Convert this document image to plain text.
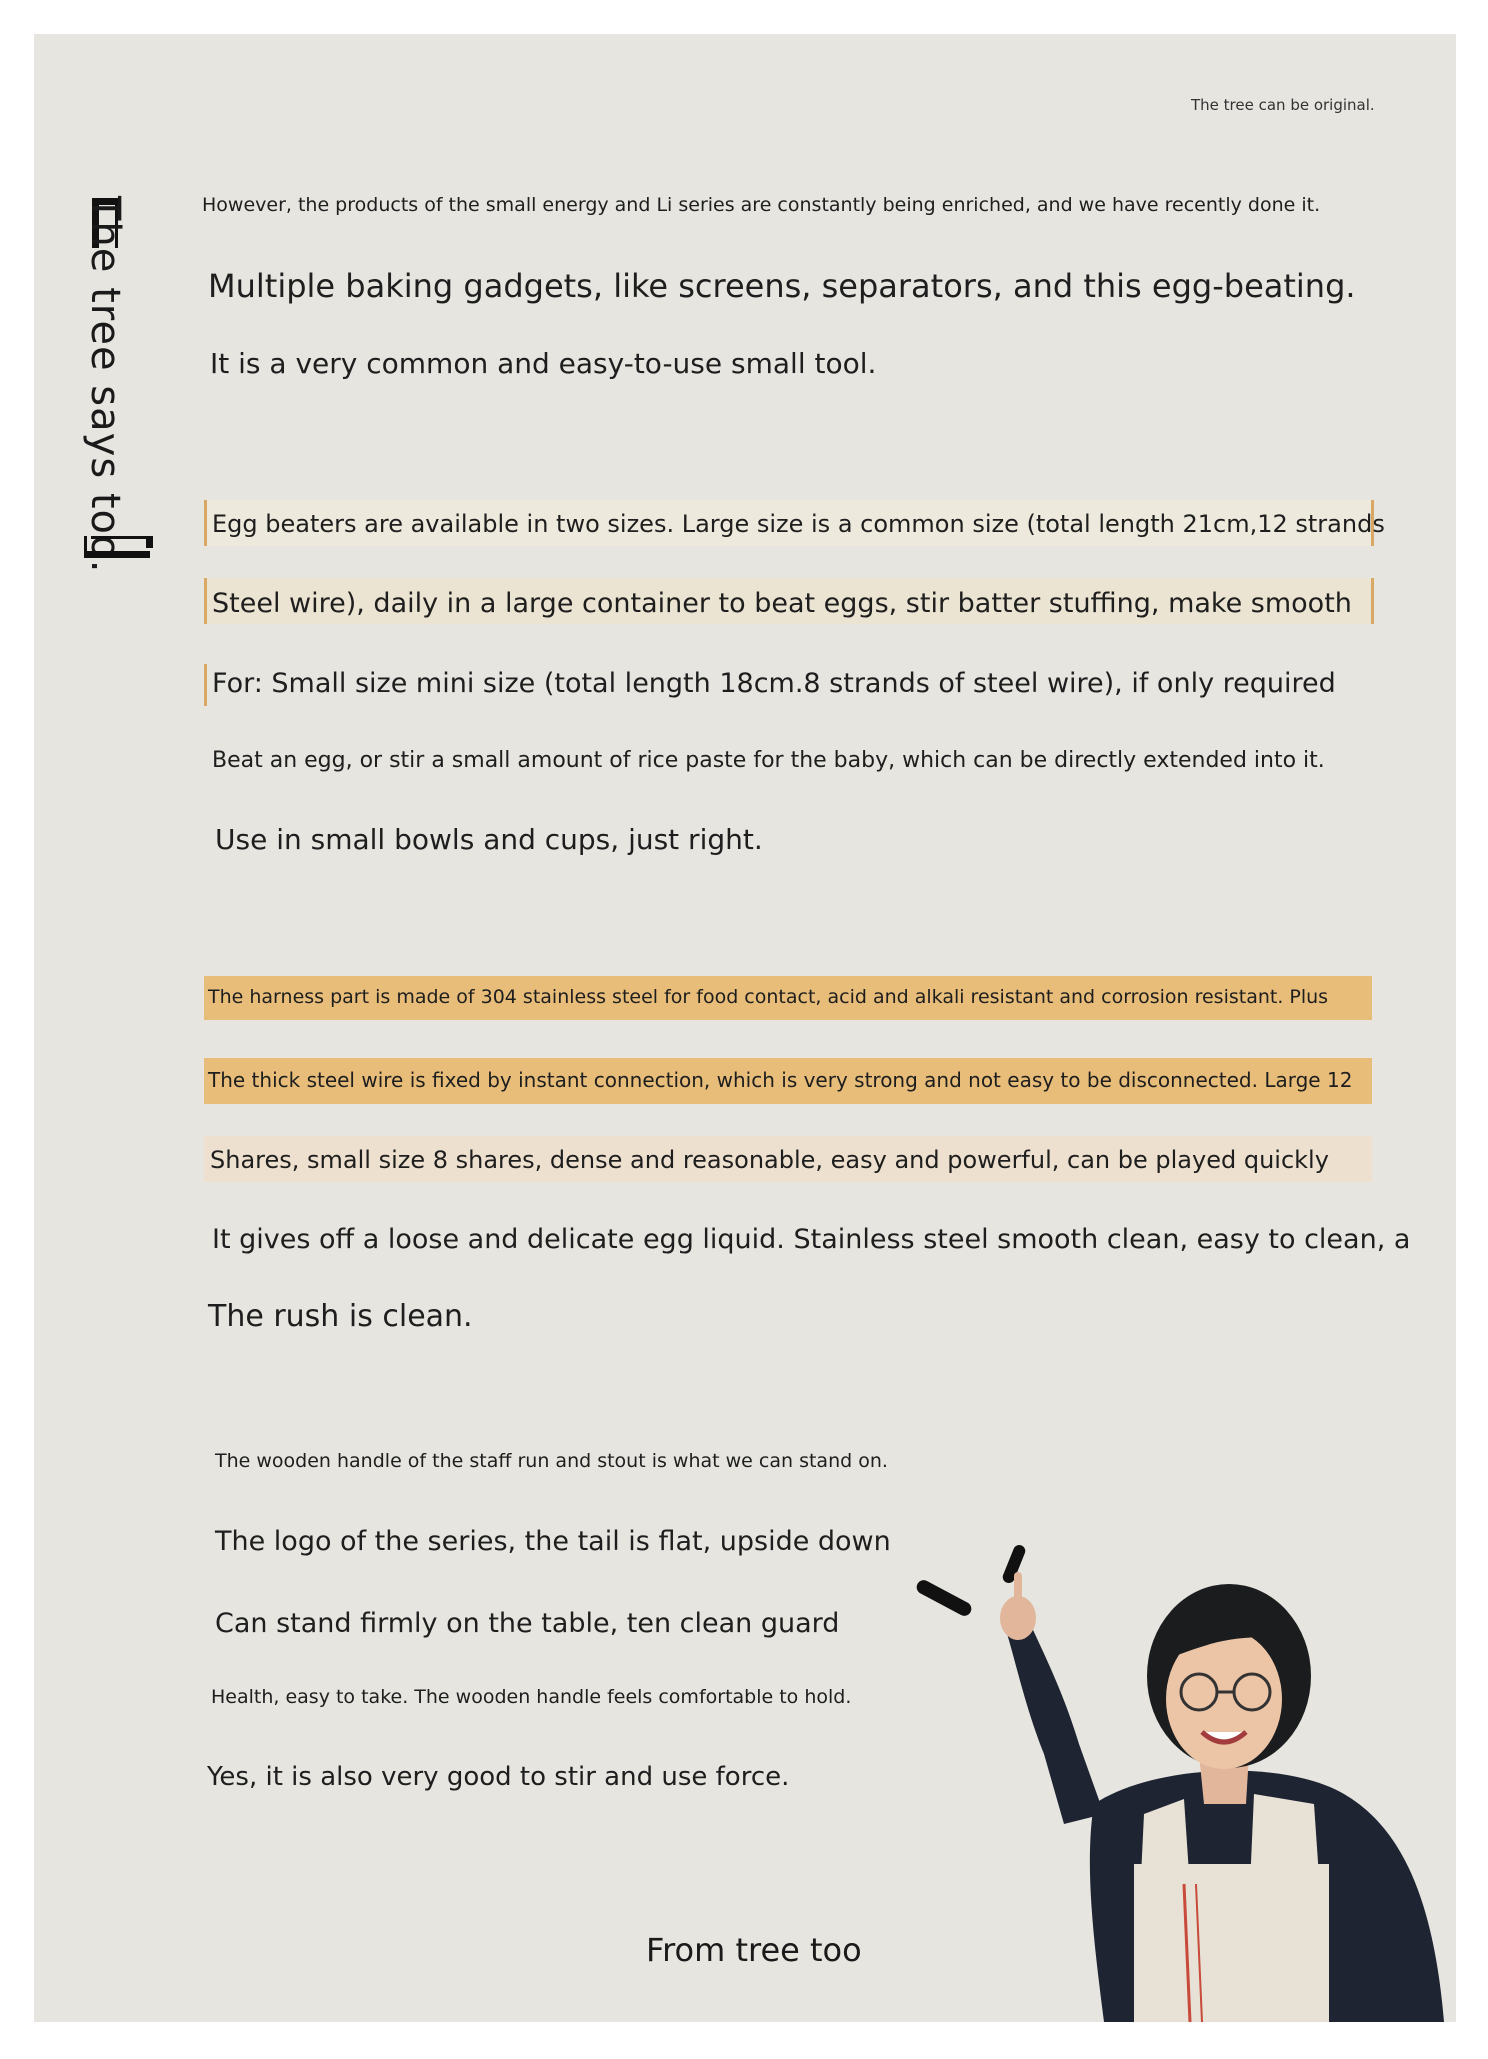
The tree can be original.
The tree says too.	However, the products of the small energy and Li series are constantly being enriched, and we have recently done it.
Multiple baking gadgets, like screens, separators, and this egg-beating.
It is a very common and easy-to-use small tool.
Egg beaters are available in two sizes. Large size is a common size (total length 21cm,12 strands
Steel wire), daily in a large container to beat eggs, stir batter stuffing, make smooth
For: Small size mini size (total length 18cm.8 strands of steel wire), if only required
Beat an egg, or stir a small amount of rice paste for the baby, which can be directly extended into it.
Use in small bowls and cups, just right.
The harness part is made of 304 stainless steel for food contact, acid and alkali resistant and corrosion resistant. Plus
The thick steel wire is fixed by instant connection, which is very strong and not easy to be disconnected. Large 12
Shares, small size 8 shares, dense and reasonable, easy and powerful, can be played quickly
It gives off a loose and delicate egg liquid. Stainless steel smooth clean, easy to clean, a
The rush is clean.
The wooden handle of the staff run and stout is what we can stand on.
The logo of the series, the tail is flat, upside down
Can stand firmly on the table, ten clean guard
Health, easy to take. The wooden handle feels comfortable to hold.
Yes, it is also very good to stir and use force.
From tree too
